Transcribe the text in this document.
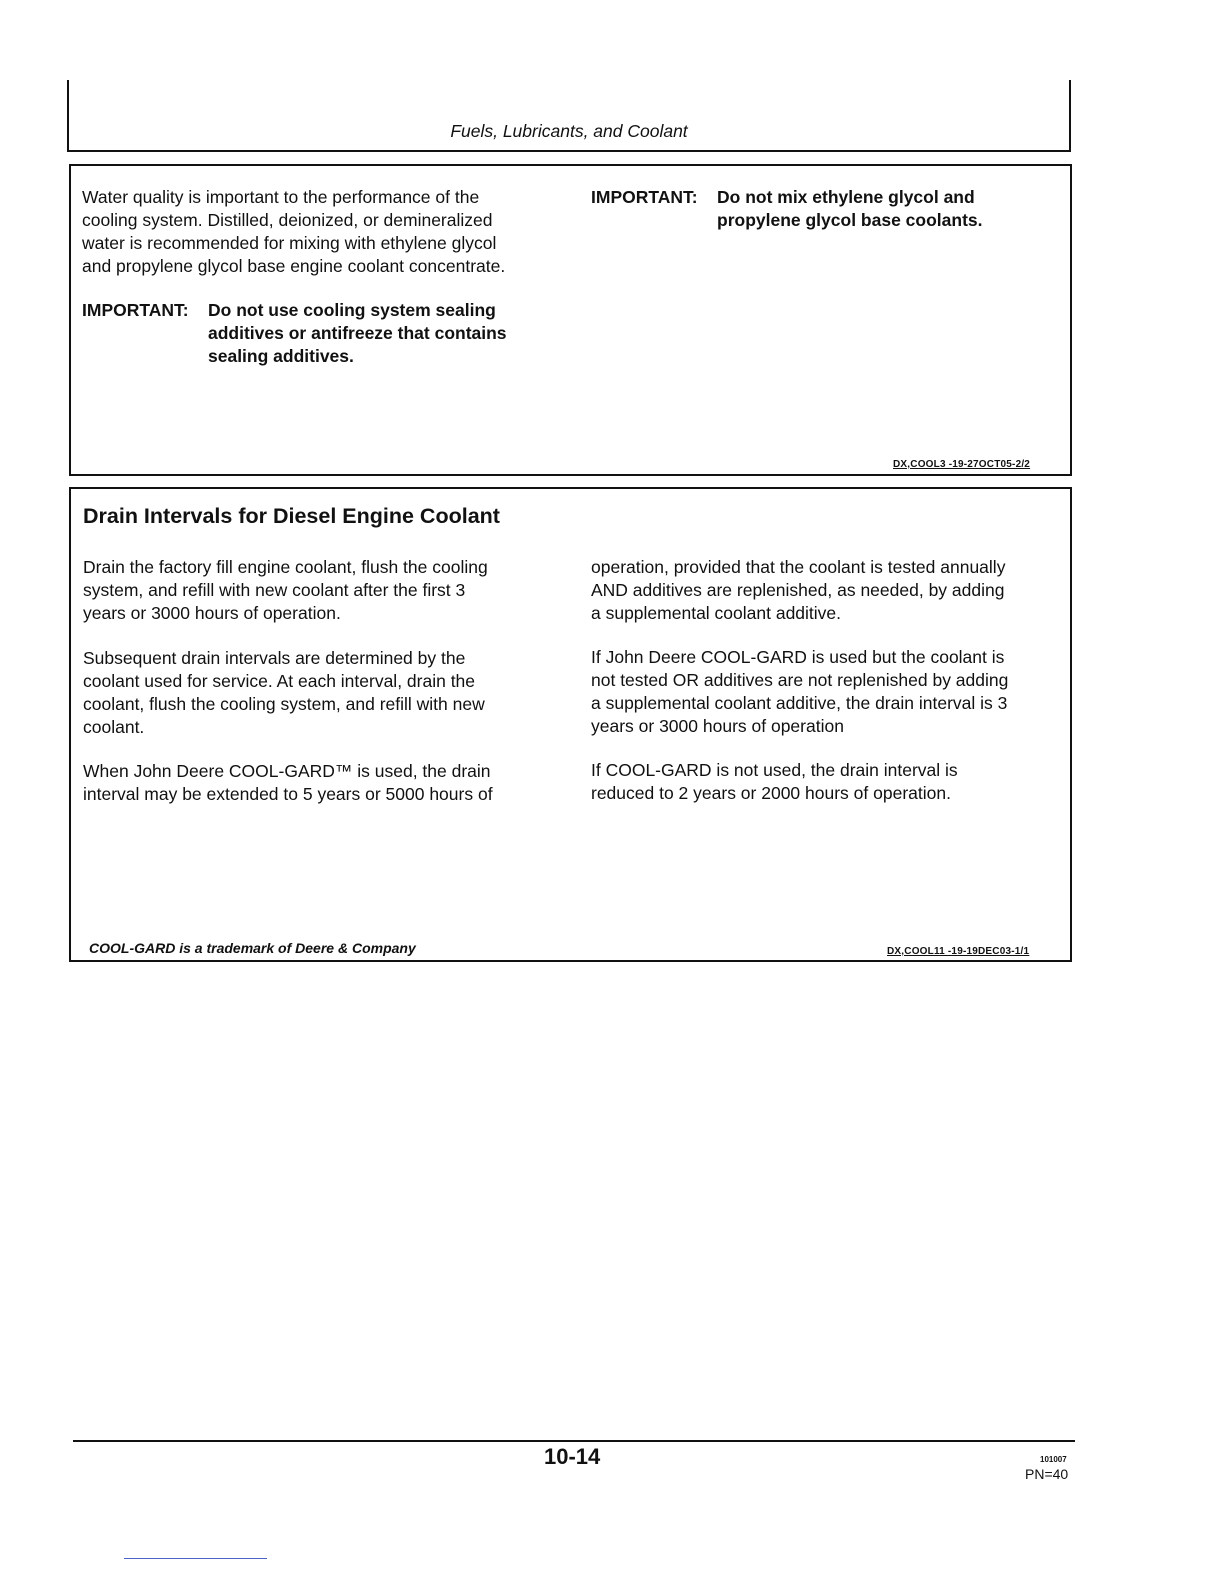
Fuels, Lubricants, and Coolant

Water quality is important to the performance of the

cooling system. Distilled, deionized, or demineralized

water is recommended for mixing with ethylene glycol

and propylene glycol base engine coolant concentrate.

IMPORTANT:	Do not use cooling system sealing
additives or antifreeze that contains
sealing additives.
IMPORTANT:	Do not mix ethylene glycol and
propylene glycol base coolants.
DX,COOL3 -19-27OCT05-2/2
Drain Intervals for Diesel Engine Coolant

Drain the factory fill engine coolant, flush the cooling

system, and refill with new coolant after the first 3

years or 3000 hours of operation.

Subsequent drain intervals are determined by the

coolant used for service. At each interval, drain the

coolant, flush the cooling system, and refill with new

coolant.

When John Deere COOL-GARD™ is used, the drain

interval may be extended to 5 years or 5000 hours of

operation, provided that the coolant is tested annually

AND additives are replenished, as needed, by adding

a supplemental coolant additive.

If John Deere COOL-GARD is used but the coolant is

not tested OR additives are not replenished by adding

a supplemental coolant additive, the drain interval is 3

years or 3000 hours of operation

If COOL-GARD is not used, the drain interval is

reduced to 2 years or 2000 hours of operation.

COOL-GARD is a trademark of Deere & Company	DX,COOL11 -19-19DEC03-1/1
10-14	101007
PN=40
